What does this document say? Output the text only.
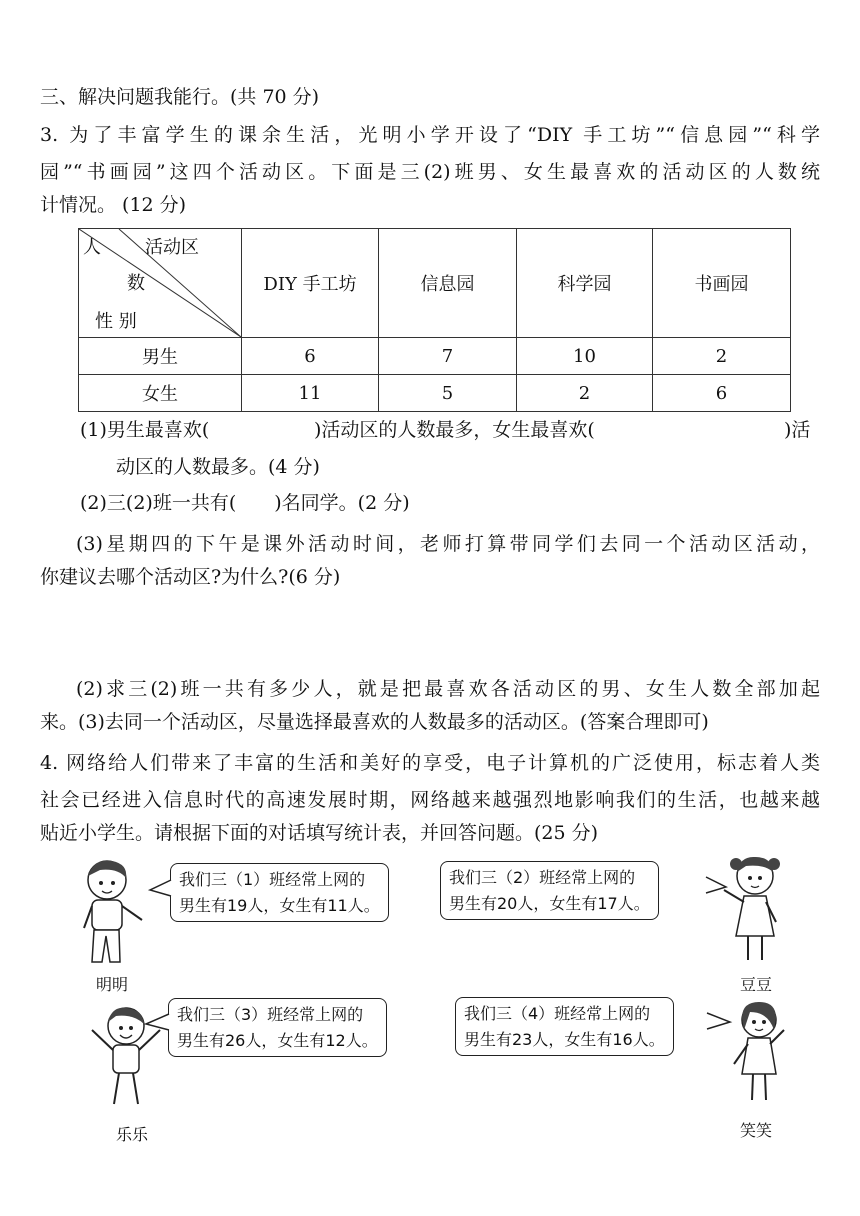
三、解决问题我能行。(共 70 分)
3. 为了丰富学生的课余生活，光明小学开设了“DIY 手工坊”“信息园”“科学
园”“书画园”这四个活动区。下面是三(2)班男、女生最喜欢的活动区的人数统
计情况。 (12 分)
人 活动区
数
性 别	DIY 手工坊	信息园	科学园	书画园
男生	6	7	10	2
女生	11	5	2	6
(1)男生最喜欢(	)活动区的人数最多，女生最喜欢(	)活
动区的人数最多。(4 分)
(2)三(2)班一共有(　　)名同学。(2 分)
(3)星期四的下午是课外活动时间，老师打算带同学们去同一个活动区活动，
你建议去哪个活动区?为什么?(6 分)
(2)求三(2)班一共有多少人，就是把最喜欢各活动区的男、女生人数全部加起
来。(3)去同一个活动区，尽量选择最喜欢的人数最多的活动区。(答案合理即可)
4. 网络给人们带来了丰富的生活和美好的享受，电子计算机的广泛使用，标志着人类
社会已经进入信息时代的高速发展时期，网络越来越强烈地影响我们的生活，也越来越
贴近小学生。请根据下面的对话填写统计表，并回答问题。(25 分)
我们三（1）班经常上网的
男生有19人，女生有11人。
我们三（2）班经常上网的
男生有20人，女生有17人。
我们三（3）班经常上网的
男生有26人，女生有12人。
我们三（4）班经常上网的
男生有23人，女生有16人。
明明	豆豆
乐乐	笑笑
